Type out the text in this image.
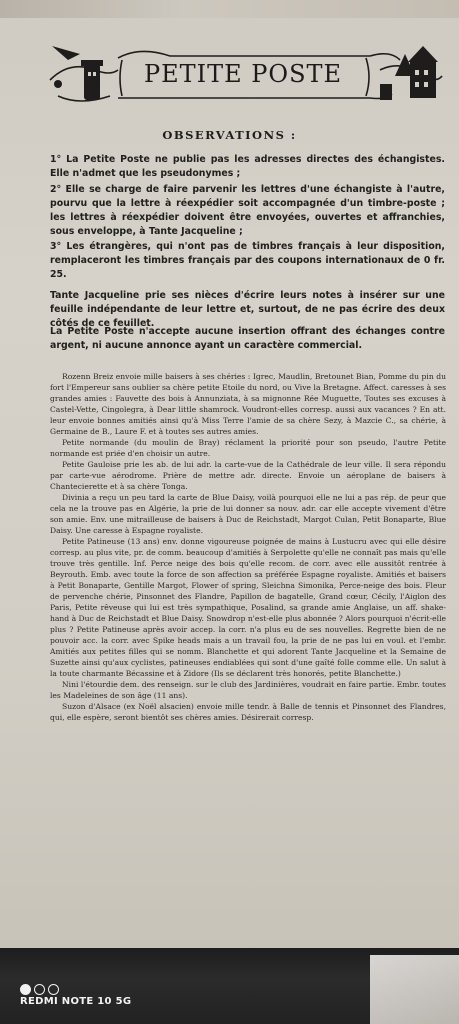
PETITE POSTE
OBSERVATIONS :
1° La Petite Poste ne publie pas les adresses directes des échangistes. Elle n'admet que les pseudonymes ;
2° Elle se charge de faire parvenir les lettres d'une échangiste à l'autre, pourvu que la lettre à réexpédier soit accompagnée d'un timbre-poste ; les lettres à réexpédier doivent être envoyées, ouvertes et affranchies, sous enveloppe, à Tante Jacqueline ;
3° Les étrangères, qui n'ont pas de timbres français à leur disposition, remplaceront les timbres français par des coupons internationaux de 0 fr. 25.
Tante Jacqueline prie ses nièces d'écrire leurs notes à insérer sur une feuille indépendante de leur lettre et, surtout, de ne pas écrire des deux côtés de ce feuillet.
La Petite Poste n'accepte aucune insertion offrant des échanges contre argent, ni aucune annonce ayant un caractère commercial.

Rozenn Breiz envoie mille baisers à ses chéries : Igrec, Maudlin, Bretounet Bian, Pomme du pin du fort l'Empereur sans oublier sa chère petite Etoile du nord, ou Vive la Bretagne. Affect. caresses à ses grandes amies : Fauvette des bois à Annunziata, à sa mignonne Rée Muguette, Toutes ses excuses à Castel-Vette, Cingolegra, à Dear little shamrock. Voudront-elles corresp. aussi aux vacances ? En att. leur envoie bonnes amitiés ainsi qu'à Miss Terre l'amie de sa chère Sezy, à Mazcie C., sa chérie, à Germaine de B., Laure F. et à toutes ses autres amies.

Petite normande (du moulin de Bray) réclament la priorité pour son pseudo, l'autre Petite normande est priée d'en choisir un autre.

Petite Gauloise prie les ab. de lui adr. la carte-vue de la Cathédrale de leur ville. Il sera répondu par carte-vue aérodrome. Prière de mettre adr. directe. Envoie un aéroplane de baisers à Chantecierette et à sa chère Tonga.

Divinia a reçu un peu tard la carte de Blue Daisy, voilà pourquoi elle ne lui a pas rép. de peur que cela ne la trouve pas en Algérie, la prie de lui donner sa nouv. adr. car elle accepte vivement d'être son amie. Env. une mitrailleuse de baisers à Duc de Reichstadt, Margot Culan, Petit Bonaparte, Blue Daisy. Une caresse à Espagne royaliste.

Petite Patineuse (13 ans) env. donne vigoureuse poignée de mains à Lustucru avec qui elle désire corresp. au plus vite, pr. de comm. beaucoup d'amitiés à Serpolette qu'elle ne connaît pas mais qu'elle trouve très gentille. Inf. Perce neige des bois qu'elle recom. de corr. avec elle aussitôt rentrée à Beyrouth. Emb. avec toute la force de son affection sa préférée Espagne royaliste. Amitiés et baisers à Petit Bonaparte, Gentille Margot, Flower of spring, Sleichna Simonika, Perce-neige des bois. Fleur de pervenche chérie, Pinsonnet des Flandre, Papillon de bagatelle, Grand cœur, Cécily, l'Aiglon des Paris, Petite rêveuse qui lui est très sympathique, Posalind, sa grande amie Anglaise, un aff. shake-hand à Duc de Reichstadt et Blue Daisy. Snowdrop n'est-elle plus abonnée ? Alors pourquoi n'écrit-elle plus ? Petite Patineuse après avoir accep. la corr. n'a plus eu de ses nouvelles. Regrette bien de ne pouvoir acc. la corr. avec Spike heads mais a un travail fou, la prie de ne pas lui en voul. et l'embr. Amitiés aux petites filles qui se nomm. Blanchette et qui adorent Tante Jacqueline et la Semaine de Suzette ainsi qu'aux cyclistes, patineuses endiablées qui sont d'une gaîté folle comme elle. Un salut à la toute charmante Bécassine et à Zidore (Ils se déclarent très honorés, petite Blanchette.)

Nini l'étourdie dem. des renseign. sur le club des Jardinières, voudrait en faire partie. Embr. toutes les Madeleines de son âge (11 ans).

Suzon d'Alsace (ex Noël alsacien) envoie mille tendr. à Balle de tennis et Pinsonnet des Flandres, qui, elle espère, seront bientôt ses chères amies. Désirerait corresp.

REDMI NOTE 10 5G
